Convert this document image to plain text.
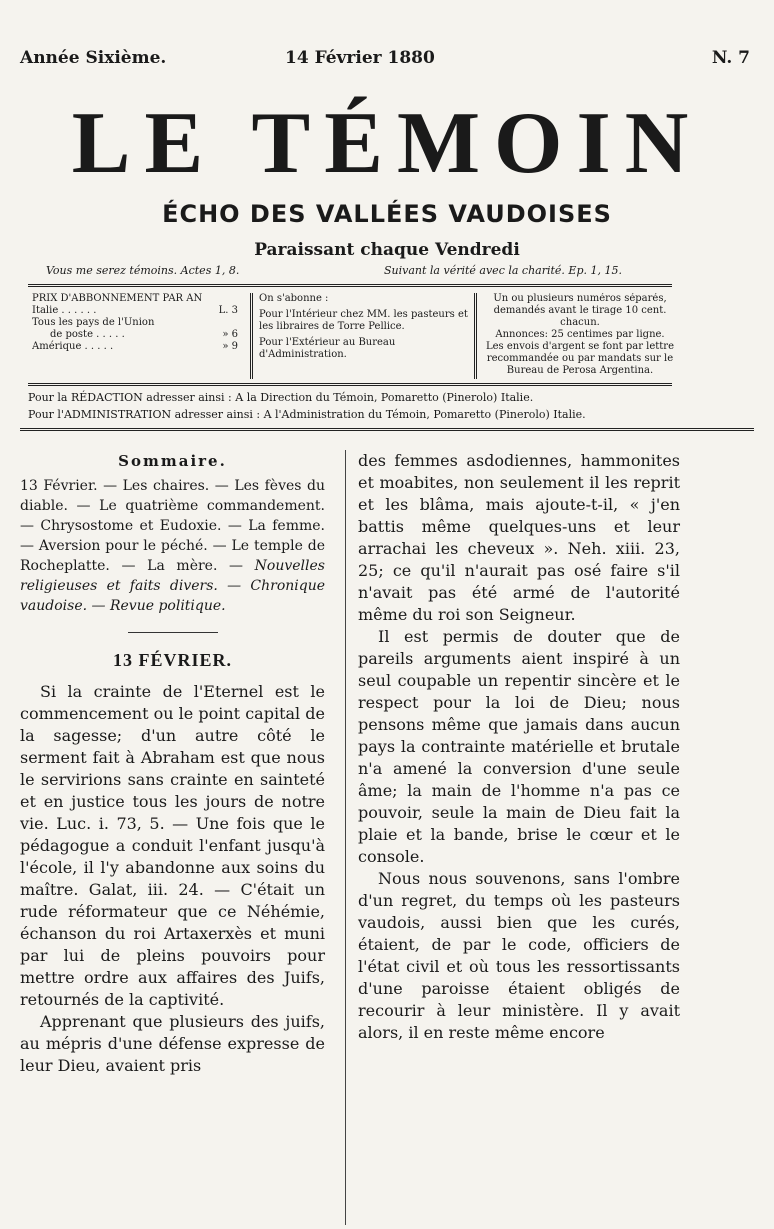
Année Sixième.	14 Février 1880	N. 7
LE TÉMOIN
ÉCHO DES VALLÉES VAUDOISES
Paraissant chaque Vendredi
Vous me serez témoins. Actes 1, 8.	Suivant la vérité avec la charité. Ep. 1, 15.
PRIX D'ABBONNEMENT PAR AN
Italie . . . . . .	L. 3
Tous les pays de l'Union
de poste . . . . .	» 6
Amérique . . . . .	» 9
On s'abonne :
Pour l'Intérieur chez MM. les pasteurs et les libraires de Torre Pellice.
Pour l'Extérieur au Bureau d'Administration.
Un ou plusieurs numéros séparés, demandés avant le tirage 10 cent. chacun.
Annonces: 25 centimes par ligne.
Les envois d'argent se font par lettre recommandée ou par mandats sur le Bureau de Perosa Argentina.
Pour la RÉDACTION adresser ainsi : A la Direction du Témoin, Pomaretto (Pinerolo) Italie.
Pour l'ADMINISTRATION adresser ainsi : A l'Administration du Témoin, Pomaretto (Pinerolo) Italie.
Sommaire.
13 Février. — Les chaires. — Les fèves du diable. — Le quatrième commandement. — Chrysostome et Eudoxie. — La femme. — Aversion pour le péché. — Le temple de Rocheplatte. — La mère. — Nouvelles religieuses et faits divers. — Chronique vaudoise. — Revue politique.
13 FÉVRIER.

Si la crainte de l'Eternel est le commencement ou le point capital de la sagesse; d'un autre côté le serment fait à Abraham est que nous le servirions sans crainte en sainteté et en justice tous les jours de notre vie. Luc. i. 73, 5. — Une fois que le pédagogue a conduit l'enfant jusqu'à l'école, il l'y abandonne aux soins du maître. Galat, iii. 24. — C'était un rude réformateur que ce Néhémie, échanson du roi Artaxerxès et muni par lui de pleins pouvoirs pour mettre ordre aux affaires des Juifs, retournés de la captivité.

Apprenant que plusieurs des juifs, au mépris d'une défense expresse de leur Dieu, avaient pris

des femmes asdodiennes, hammonites et moabites, non seulement il les reprit et les blâma, mais ajoute-t-il, « j'en battis même quelques-uns et leur arrachai les cheveux ». Neh. xiii. 23, 25; ce qu'il n'aurait pas osé faire s'il n'avait pas été armé de l'autorité même du roi son Seigneur.

Il est permis de douter que de pareils arguments aient inspiré à un seul coupable un repentir sincère et le respect pour la loi de Dieu; nous pensons même que jamais dans aucun pays la contrainte matérielle et brutale n'a amené la conversion d'une seule âme; la main de l'homme n'a pas ce pouvoir, seule la main de Dieu fait la plaie et la bande, brise le cœur et le console.

Nous nous souvenons, sans l'ombre d'un regret, du temps où les pasteurs vaudois, aussi bien que les curés, étaient, de par le code, officiers de l'état civil et où tous les ressortissants d'une paroisse étaient obligés de recourir à leur ministère. Il y avait alors, il en reste même encore
